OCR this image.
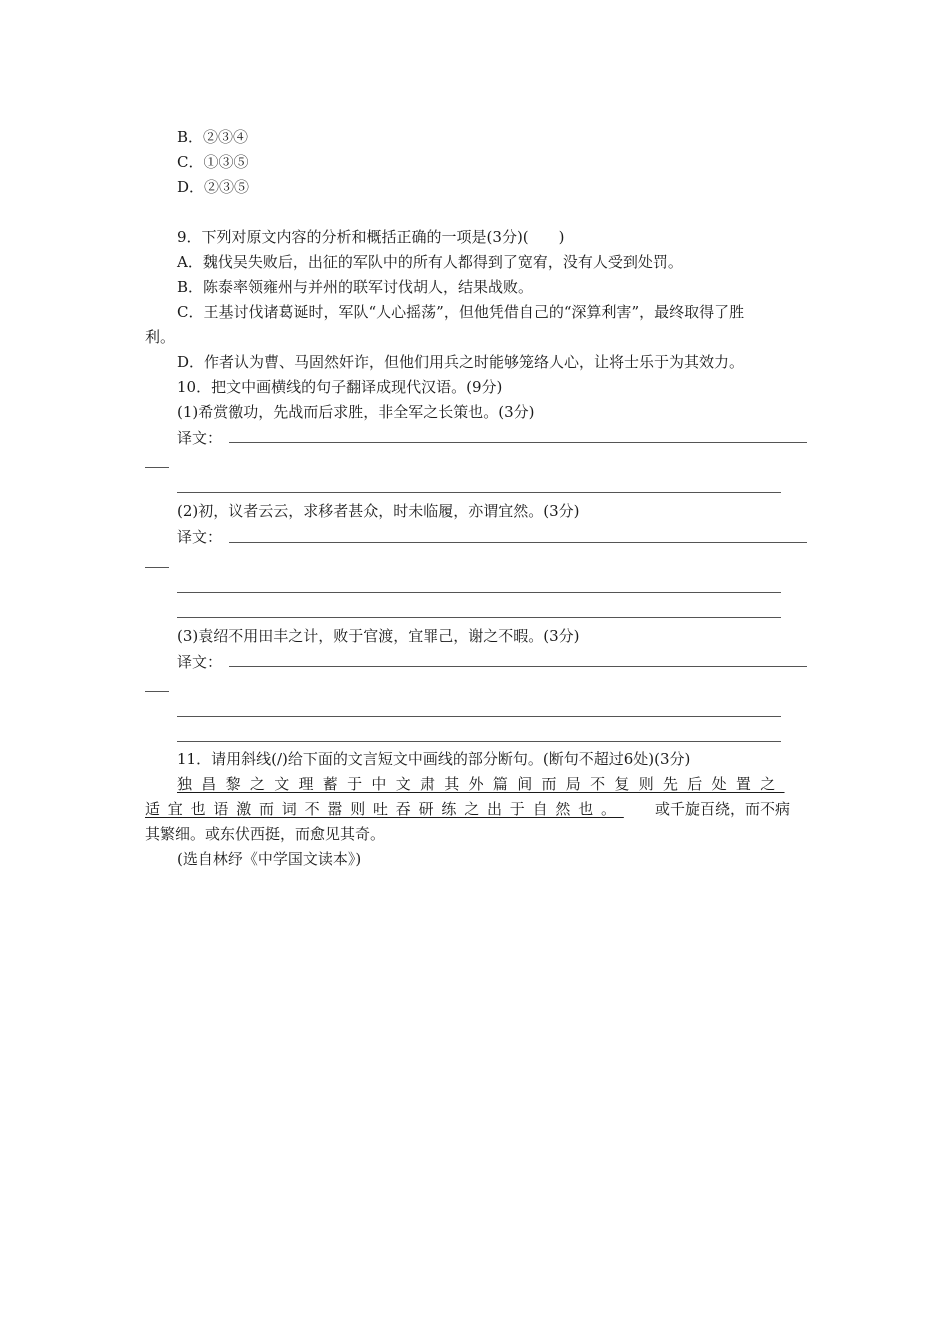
B．②③④
C．①③⑤
D．②③⑤
9．下列对原文内容的分析和概括正确的一项是(3分)(　　)
A．魏伐吴失败后，出征的军队中的所有人都得到了宽宥，没有人受到处罚。
B．陈泰率领雍州与并州的联军讨伐胡人，结果战败。
C．王基讨伐诸葛诞时，军队“人心摇荡”，但他凭借自己的“深算利害”，最终取得了胜
利。
D．作者认为曹、马固然奸诈，但他们用兵之时能够笼络人心，让将士乐于为其效力。
10．把文中画横线的句子翻译成现代汉语。(9分)
(1)希赏徼功，先战而后求胜，非全军之长策也。(3分)
译文：
(2)初，议者云云，求移者甚众，时未临履，亦谓宜然。(3分)
译文：
(3)袁绍不用田丰之计，败于官渡，宜罪己，谢之不暇。(3分)
译文：
11．请用斜线(/)给下面的文言短文中画线的部分断句。(断句不超过6处)(3分)
独昌黎之文理蓄于中文肃其外篇间而局不复则先后处置之
适宜也语激而词不嚣则吐吞研练之出于自然也。 或千旋百绕，而不病
其繁细。或东伏西挺，而愈见其奇。
(选自林纾《中学国文读本》)
